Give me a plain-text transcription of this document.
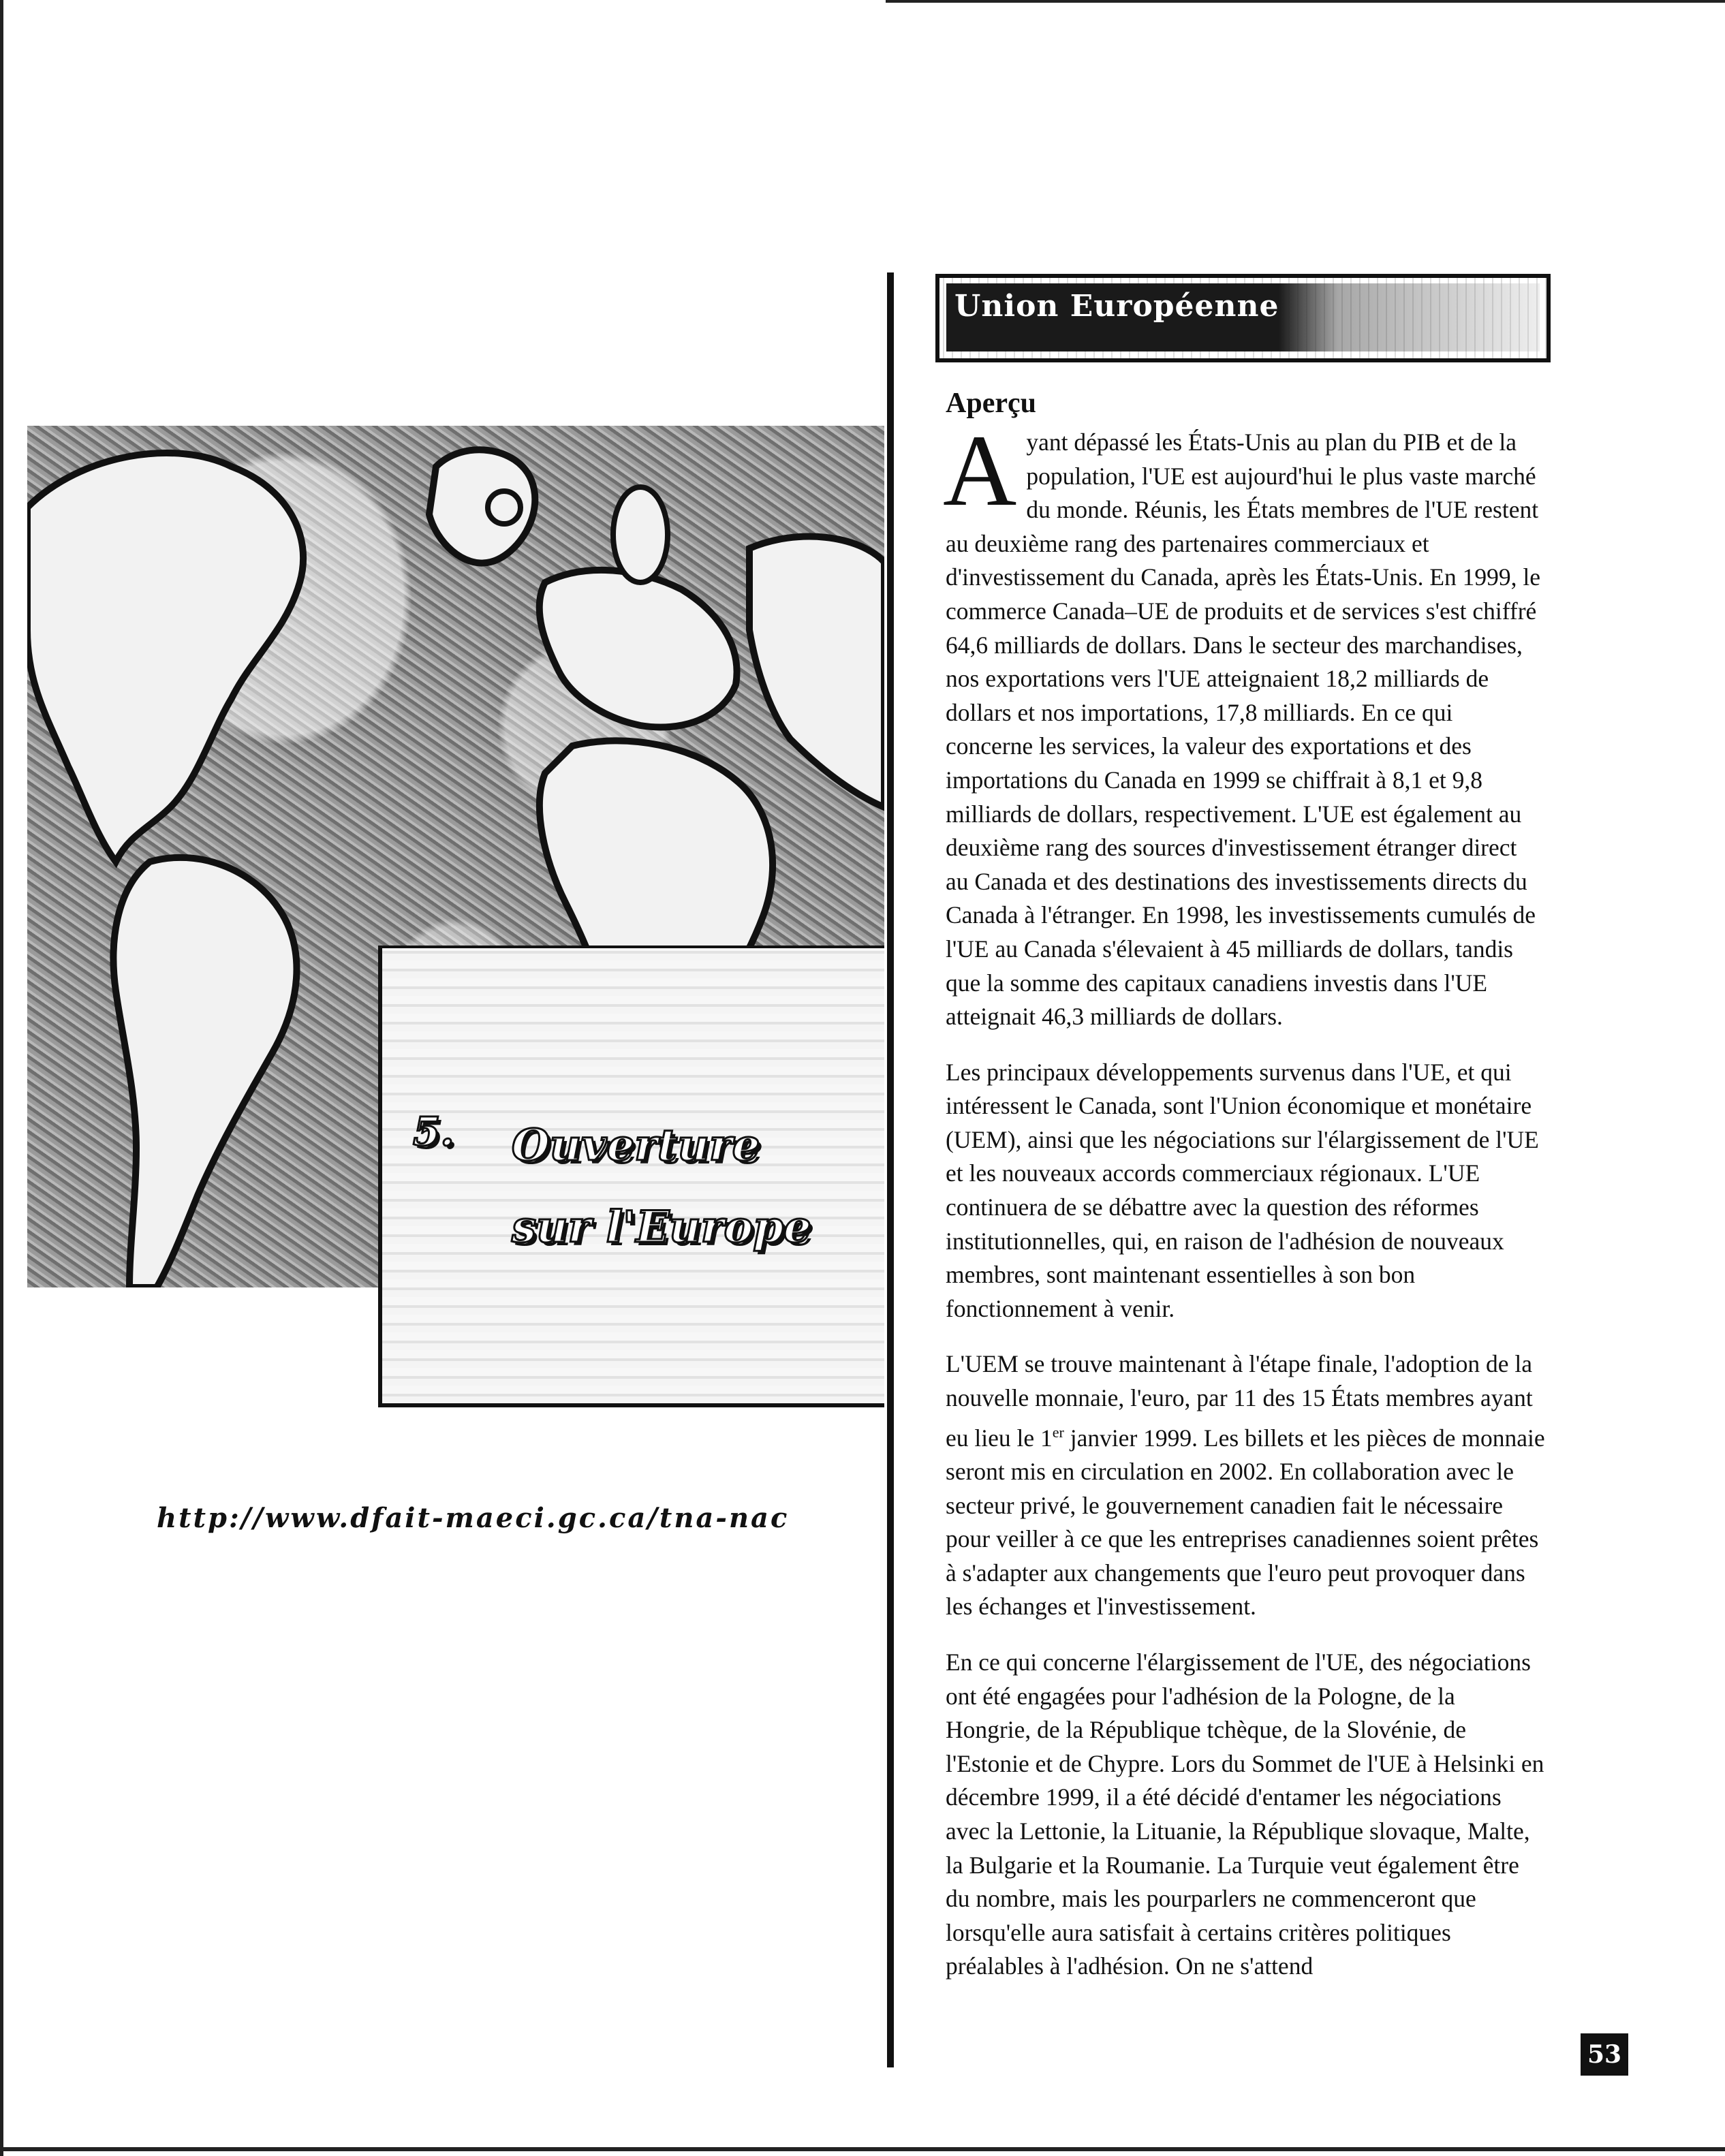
5. Ouverture
sur l'Europe
http://www.dfait-maeci.gc.ca/tna-nac
Union Européenne
Aperçu

Ayant dépassé les États-Unis au plan du PIB et de la population, l'UE est aujourd'hui le plus vaste marché du monde. Réunis, les États membres de l'UE restent au deuxième rang des partenaires commerciaux et d'investissement du Canada, après les États-Unis. En 1999, le commerce Canada–UE de produits et de services s'est chiffré 64,6 milliards de dollars. Dans le secteur des marchandises, nos exportations vers l'UE atteignaient 18,2 milliards de dollars et nos importations, 17,8 milliards. En ce qui concerne les services, la valeur des exportations et des importations du Canada en 1999 se chiffrait à 8,1 et 9,8 milliards de dollars, respectivement. L'UE est également au deuxième rang des sources d'investissement étranger direct au Canada et des destinations des investissements directs du Canada à l'étranger. En 1998, les investissements cumulés de l'UE au Canada s'élevaient à 45 milliards de dollars, tandis que la somme des capitaux canadiens investis dans l'UE atteignait 46,3 milliards de dollars.

Les principaux développements survenus dans l'UE, et qui intéressent le Canada, sont l'Union économique et monétaire (UEM), ainsi que les négociations sur l'élargissement de l'UE et les nouveaux accords commerciaux régionaux. L'UE continuera de se débattre avec la question des réformes institutionnelles, qui, en raison de l'adhésion de nouveaux membres, sont maintenant essentielles à son bon fonctionnement à venir.

L'UEM se trouve maintenant à l'étape finale, l'adoption de la nouvelle monnaie, l'euro, par 11 des 15 États membres ayant eu lieu le 1er janvier 1999. Les billets et les pièces de monnaie seront mis en circulation en 2002. En collaboration avec le secteur privé, le gouvernement canadien fait le nécessaire pour veiller à ce que les entreprises canadiennes soient prêtes à s'adapter aux changements que l'euro peut provoquer dans les échanges et l'investissement.

En ce qui concerne l'élargissement de l'UE, des négociations ont été engagées pour l'adhésion de la Pologne, de la Hongrie, de la République tchèque, de la Slovénie, de l'Estonie et de Chypre. Lors du Sommet de l'UE à Helsinki en décembre 1999, il a été décidé d'entamer les négociations avec la Lettonie, la Lituanie, la République slovaque, Malte, la Bulgarie et la Roumanie. La Turquie veut également être du nombre, mais les pourparlers ne commenceront que lorsqu'elle aura satisfait à certains critères politiques préalables à l'adhésion. On ne s'attend

53
